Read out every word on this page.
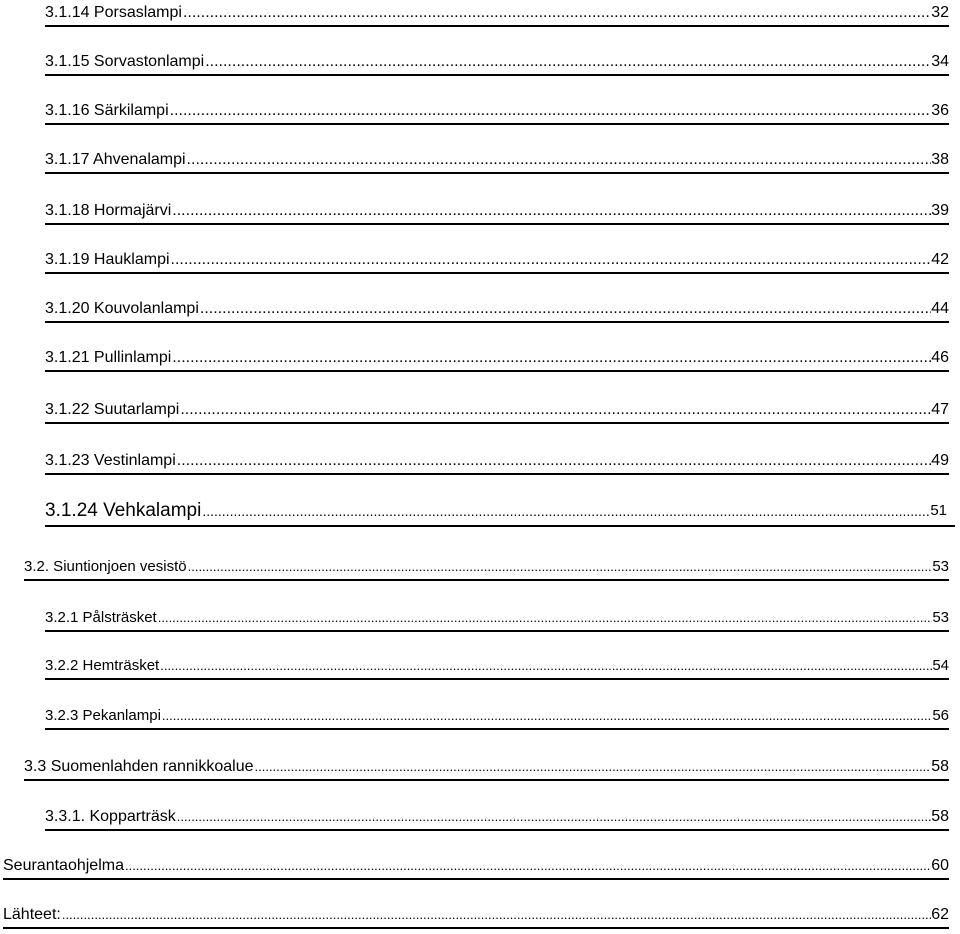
3.1.14 Porsaslampi .....	32
3.1.15 Sorvastonlampi .....	34
3.1.16 Särkilampi .....	36
3.1.17 Ahvenalampi .....	38
3.1.18 Hormajärvi .....	39
3.1.19 Hauklampi .....	42
3.1.20 Kouvolanlampi .....	44
3.1.21 Pullinlampi .....	46
3.1.22 Suutarlampi .....	47
3.1.23 Vestinlampi .....	49
3.1.24 Vehkalampi .....	51
3.2. Siuntionjoen vesistö .....	53
3.2.1 Pålsträsket .....	53
3.2.2 Hemträsket .....	54
3.2.3 Pekanlampi .....	56
3.3 Suomenlahden rannikkoalue .....	58
3.3.1. Kopparträsk .....	58
Seurantaohjelma .....	60
Lähteet: .....	62
